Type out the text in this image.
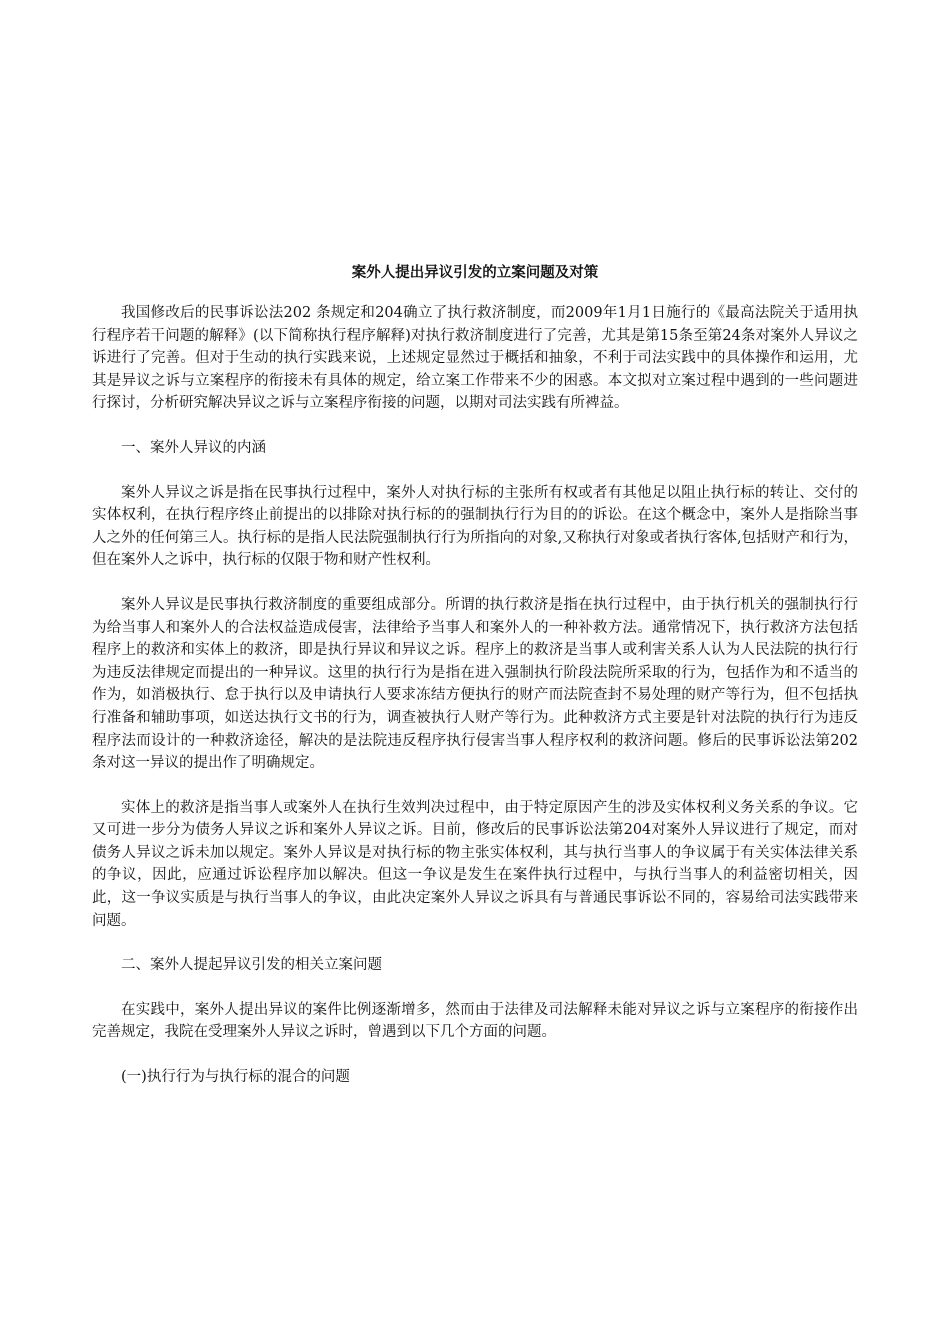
案外人提出异议引发的立案问题及对策

我国修改后的民事诉讼法202 条规定和204确立了执行救济制度，而2009年1月1日施行的《最高法院关于适用执行程序若干问题的解释》(以下简称执行程序解释)对执行救济制度进行了完善，尤其是第15条至第24条对案外人异议之诉进行了完善。但对于生动的执行实践来说，上述规定显然过于概括和抽象，不利于司法实践中的具体操作和运用，尤其是异议之诉与立案程序的衔接未有具体的规定，给立案工作带来不少的困惑。本文拟对立案过程中遇到的一些问题进行探讨，分析研究解决异议之诉与立案程序衔接的问题，以期对司法实践有所裨益。

一、案外人异议的内涵

案外人异议之诉是指在民事执行过程中，案外人对执行标的主张所有权或者有其他足以阻止执行标的转让、交付的实体权利，在执行程序终止前提出的以排除对执行标的的强制执行行为目的的诉讼。在这个概念中，案外人是指除当事人之外的任何第三人。执行标的是指人民法院强制执行行为所指向的对象,又称执行对象或者执行客体,包括财产和行为，但在案外人之诉中，执行标的仅限于物和财产性权利。

案外人异议是民事执行救济制度的重要组成部分。所谓的执行救济是指在执行过程中，由于执行机关的强制执行行为给当事人和案外人的合法权益造成侵害，法律给予当事人和案外人的一种补救方法。通常情况下，执行救济方法包括程序上的救济和实体上的救济，即是执行异议和异议之诉。程序上的救济是当事人或利害关系人认为人民法院的执行行为违反法律规定而提出的一种异议。这里的执行行为是指在进入强制执行阶段法院所采取的行为，包括作为和不适当的作为，如消极执行、怠于执行以及申请执行人要求冻结方便执行的财产而法院查封不易处理的财产等行为，但不包括执行准备和辅助事项，如送达执行文书的行为，调查被执行人财产等行为。此种救济方式主要是针对法院的执行行为违反程序法而设计的一种救济途径，解决的是法院违反程序执行侵害当事人程序权利的救济问题。修后的民事诉讼法第202条对这一异议的提出作了明确规定。

实体上的救济是指当事人或案外人在执行生效判决过程中，由于特定原因产生的涉及实体权利义务关系的争议。它又可进一步分为债务人异议之诉和案外人异议之诉。目前，修改后的民事诉讼法第204对案外人异议进行了规定，而对债务人异议之诉未加以规定。案外人异议是对执行标的物主张实体权利，其与执行当事人的争议属于有关实体法律关系的争议，因此，应通过诉讼程序加以解决。但这一争议是发生在案件执行过程中，与执行当事人的利益密切相关，因此，这一争议实质是与执行当事人的争议，由此决定案外人异议之诉具有与普通民事诉讼不同的，容易给司法实践带来问题。

二、案外人提起异议引发的相关立案问题

在实践中，案外人提出异议的案件比例逐渐增多，然而由于法律及司法解释未能对异议之诉与立案程序的衔接作出完善规定，我院在受理案外人异议之诉时，曾遇到以下几个方面的问题。

(一)执行行为与执行标的混合的问题
